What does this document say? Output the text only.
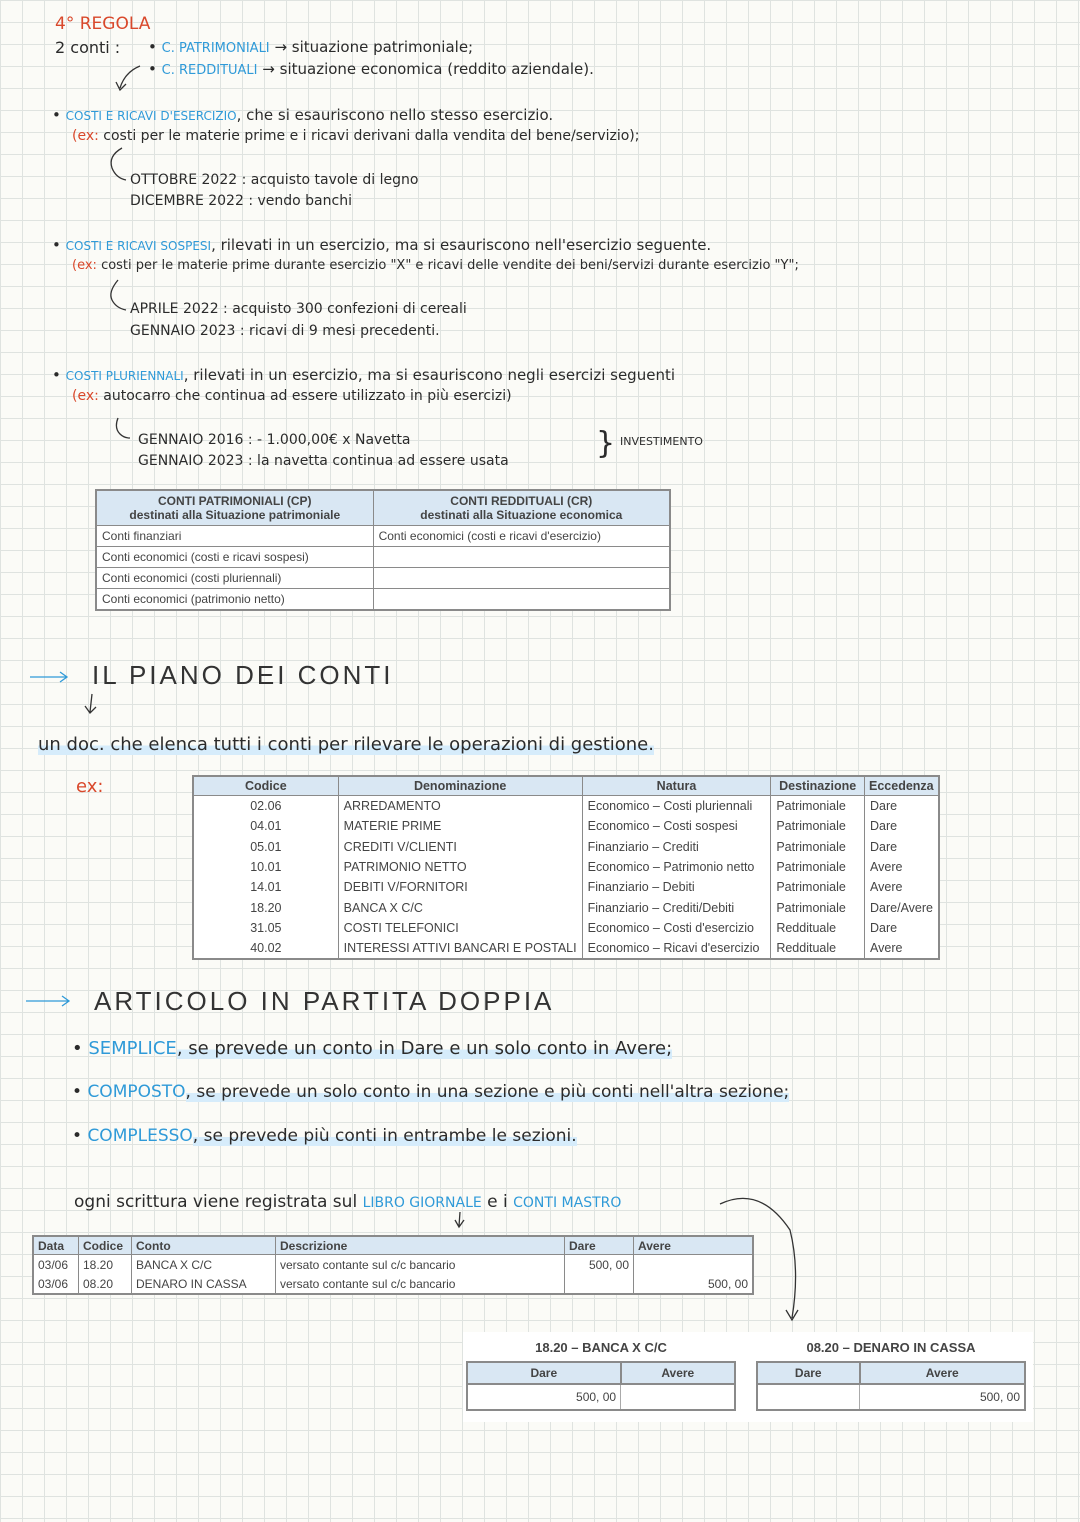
4° REGOLA
2 conti : • C. PATRIMONIALI → situazione patrimoniale;
• C. REDDITUALI → situazione economica (reddito aziendale).
• COSTI E RICAVI D'ESERCIZIO, che si esauriscono nello stesso esercizio.
(ex: costi per le materie prime e i ricavi derivani dalla vendita del bene/servizio);
OTTOBRE 2022 : acquisto tavole di legno
DICEMBRE 2022 : vendo banchi
• COSTI E RICAVI SOSPESI, rilevati in un esercizio, ma si esauriscono nell'esercizio seguente.
(ex: costi per le materie prime durante esercizio "X" e ricavi delle vendite dei beni/servizi durante esercizio "Y";
APRILE 2022 : acquisto 300 confezioni di cereali
GENNAIO 2023 : ricavi di 9 mesi precedenti.
• COSTI PLURIENNALI, rilevati in un esercizio, ma si esauriscono negli esercizi seguenti
(ex: autocarro che continua ad essere utilizzato in più esercizi)
GENNAIO 2016 : - 1.000,00€ x Navetta
GENNAIO 2023 : la navetta continua ad essere usata	} INVESTIMENTO
CONTI PATRIMONIALI (CP)
destinati alla Situazione patrimoniale	CONTI REDDITUALI (CR)
destinati alla Situazione economica
Conti finanziari	Conti economici (costi e ricavi d'esercizio)
Conti economici (costi e ricavi sospesi)	
Conti economici (costi pluriennali)	
Conti economici (patrimonio netto)	
IL PIANO DEI CONTI
un doc. che elenca tutti i conti per rilevare le operazioni di gestione.
ex:	Codice	Denominazione	Natura	Destinazione	Eccedenza
02.06	ARREDAMENTO	Economico – Costi pluriennali	Patrimoniale	Dare
04.01	MATERIE PRIME	Economico – Costi sospesi	Patrimoniale	Dare
05.01	CREDITI V/CLIENTI	Finanziario – Crediti	Patrimoniale	Dare
10.01	PATRIMONIO NETTO	Economico – Patrimonio netto	Patrimoniale	Avere
14.01	DEBITI V/FORNITORI	Finanziario – Debiti	Patrimoniale	Avere
18.20	BANCA X C/C	Finanziario – Crediti/Debiti	Patrimoniale	Dare/Avere
31.05	COSTI TELEFONICI	Economico – Costi d'esercizio	Reddituale	Dare
40.02	INTERESSI ATTIVI BANCARI E POSTALI	Economico – Ricavi d'esercizio	Reddituale	Avere
ARTICOLO IN PARTITA DOPPIA
• SEMPLICE, se prevede un conto in Dare e un solo conto in Avere;
• COMPOSTO, se prevede un solo conto in una sezione e più conti nell'altra sezione;
• COMPLESSO, se prevede più conti in entrambe le sezioni.
ogni scrittura viene registrata sul LIBRO GIORNALE e i CONTI MASTRO
Data	Codice	Conto	Descrizione	Dare	Avere
03/06	18.20	BANCA X C/C	versato contante sul c/c bancario	500, 00	
03/06	08.20	DENARO IN CASSA	versato contante sul c/c bancario		500, 00
18.20 – BANCA X C/C
Dare	Avere
500, 00	
08.20 – DENARO IN CASSA
Dare	Avere
	500, 00
